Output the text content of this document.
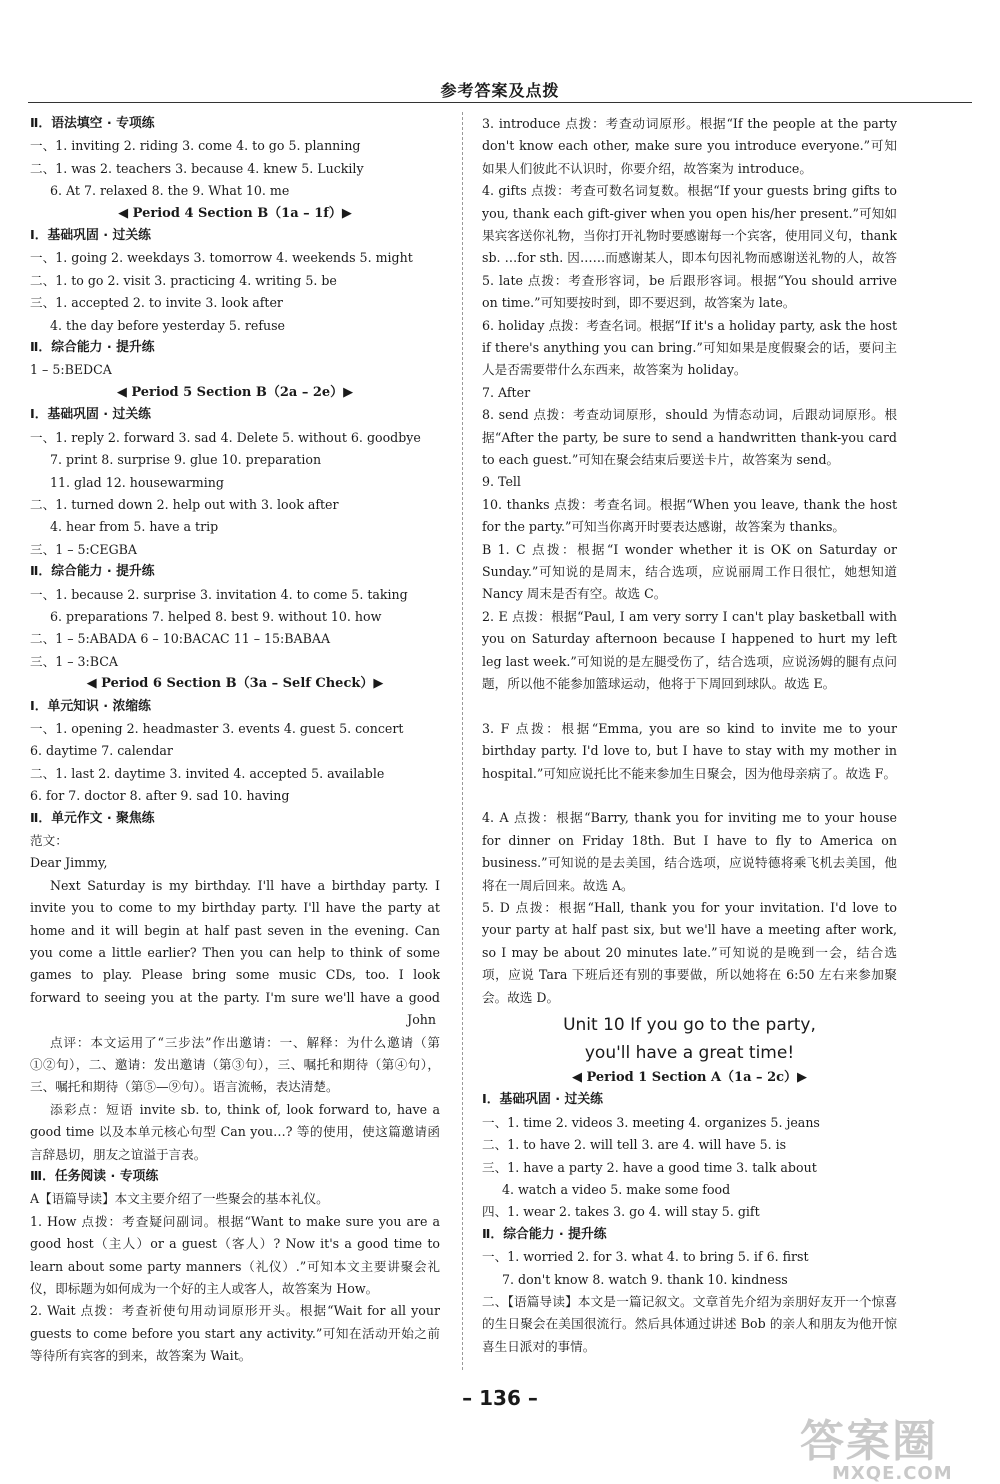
参考答案及点拨
Ⅱ．语法填空 · 专项练
一、1. inviting 2. riding 3. come 4. to go 5. planning
二、1. was 2. teachers 3. because 4. knew 5. Luckily
6. At 7. relaxed 8. the 9. What 10. me
◀ Period 4 Section B（1a – 1f）▶
Ⅰ．基础巩固 · 过关练
一、1. going 2. weekdays 3. tomorrow 4. weekends 5. might
二、1. to go 2. visit 3. practicing 4. writing 5. be
三、1. accepted 2. to invite 3. look after
4. the day before yesterday 5. refuse
Ⅱ．综合能力 · 提升练
1 – 5:BEDCA
◀ Period 5 Section B（2a – 2e）▶
Ⅰ．基础巩固 · 过关练
一、1. reply 2. forward 3. sad 4. Delete 5. without 6. goodbye
7. print 8. surprise 9. glue 10. preparation
11. glad 12. housewarming
二、1. turned down 2. help out with 3. look after
4. hear from 5. have a trip
三、1 – 5:CEGBA
Ⅱ．综合能力 · 提升练
一、1. because 2. surprise 3. invitation 4. to come 5. taking
6. preparations 7. helped 8. best 9. without 10. how
二、1 – 5:ABADA 6 – 10:BACAC 11 – 15:BABAA
三、1 – 3:BCA
◀ Period 6 Section B（3a – Self Check）▶
Ⅰ．单元知识 · 浓缩练
一、1. opening 2. headmaster 3. events 4. guest 5. concert
6. daytime 7. calendar
二、1. last 2. daytime 3. invited 4. accepted 5. available
6. for 7. doctor 8. after 9. sad 10. having
Ⅱ．单元作文 · 聚焦练
范文：
Dear Jimmy,
Next Saturday is my birthday. I'll have a birthday party. I invite you to come to my birthday party. I'll have the party at home and it will begin at half past seven in the evening. Can you come a little earlier? Then you can help to think of some games to play. Please bring some music CDs, too. I look forward to seeing you at the party. I'm sure we'll have a good
John
点评：本文运用了“三步法”作出邀请：一、解释：为什么邀请（第①②句），二、邀请：发出邀请（第③句），三、嘱托和期待（第④句），三、嘱托和期待（第⑤—⑨句）。语言流畅，表达清楚。
添彩点：短语 invite sb. to, think of, look forward to, have a good time 以及本单元核心句型 Can you…? 等的使用，使这篇邀请函言辞恳切，朋友之谊溢于言表。
Ⅲ．任务阅读 · 专项练
A【语篇导读】本文主要介绍了一些聚会的基本礼仪。
1. How 点拨：考查疑问副词。根据“Want to make sure you are a good host（主人）or a guest（客人）? Now it's a good time to learn about some party manners（礼仪）.”可知本文主要讲聚会礼仪，即标题为如何成为一个好的主人或客人，故答案为 How。
2. Wait 点拨：考查祈使句用动词原形开头。根据“Wait for all your guests to come before you start any activity.”可知在活动开始之前等待所有宾客的到来，故答案为 Wait。
3. introduce 点拨：考查动词原形。根据“If the people at the party don't know each other, make sure you introduce everyone.”可知如果人们彼此不认识时，你要介绍，故答案为 introduce。
4. gifts 点拨：考查可数名词复数。根据“If your guests bring gifts to you, thank each gift-giver when you open his/her present.”可知如果宾客送你礼物，当你打开礼物时要感谢每一个宾客，使用同义句，thank sb. …for sth. 因……而感谢某人，即本句因礼物而感谢送礼物的人，故答
5. late 点拨：考查形容词，be 后跟形容词。根据“You should arrive on time.”可知要按时到，即不要迟到，故答案为 late。
6. holiday 点拨：考查名词。根据“If it's a holiday party, ask the host if there's anything you can bring.”可知如果是度假聚会的话，要问主人是否需要带什么东西来，故答案为 holiday。
7. After
8. send 点拨：考查动词原形，should 为情态动词，后跟动词原形。根据“After the party, be sure to send a handwritten thank-you card to each guest.”可知在聚会结束后要送卡片，故答案为 send。
9. Tell
10. thanks 点拨：考查名词。根据“When you leave, thank the host for the party.”可知当你离开时要表达感谢，故答案为 thanks。
B 1. C 点拨：根据“I wonder whether it is OK on Saturday or Sunday.”可知说的是周末，结合选项，应说丽周工作日很忙，她想知道 Nancy 周末是否有空。故选 C。
2. E 点拨：根据“Paul, I am very sorry I can't play basketball with you on Saturday afternoon because I happened to hurt my left leg last week.”可知说的是左腿受伤了，结合选项，应说汤姆的腿有点问题，所以他不能参加篮球运动，他将于下周回到球队。故选 E。
3. F 点拨：根据“Emma, you are so kind to invite me to your birthday party. I'd love to, but I have to stay with my mother in hospital.”可知应说托比不能来参加生日聚会，因为他母亲病了。故选 F。
4. A 点拨：根据“Barry, thank you for inviting me to your house for dinner on Friday 18th. But I have to fly to America on business.”可知说的是去美国，结合选项，应说特德将乘飞机去美国，他将在一周后回来。故选 A。
5. D 点拨：根据“Hall, thank you for your invitation. I'd love to your party at half past six, but we'll have a meeting after work, so I may be about 20 minutes late.”可知说的是晚到一会，结合选项，应说 Tara 下班后还有别的事要做，所以她将在 6:50 左右来参加聚会。故选 D。
Unit 10 If you go to the party,
you'll have a great time!
◀ Period 1 Section A（1a – 2c）▶
Ⅰ．基础巩固 · 过关练
一、1. time 2. videos 3. meeting 4. organizes 5. jeans
二、1. to have 2. will tell 3. are 4. will have 5. is
三、1. have a party 2. have a good time 3. talk about
4. watch a video 5. make some food
四、1. wear 2. takes 3. go 4. will stay 5. gift
Ⅱ．综合能力 · 提升练
一、1. worried 2. for 3. what 4. to bring 5. if 6. first
7. don't know 8. watch 9. thank 10. kindness
二、【语篇导读】本文是一篇记叙文。文章首先介绍为亲朋好友开一个惊喜的生日聚会在美国很流行。然后具体通过讲述 Bob 的亲人和朋友为他开惊喜生日派对的事情。
– 136 –
答案圈
MXQE.COM
